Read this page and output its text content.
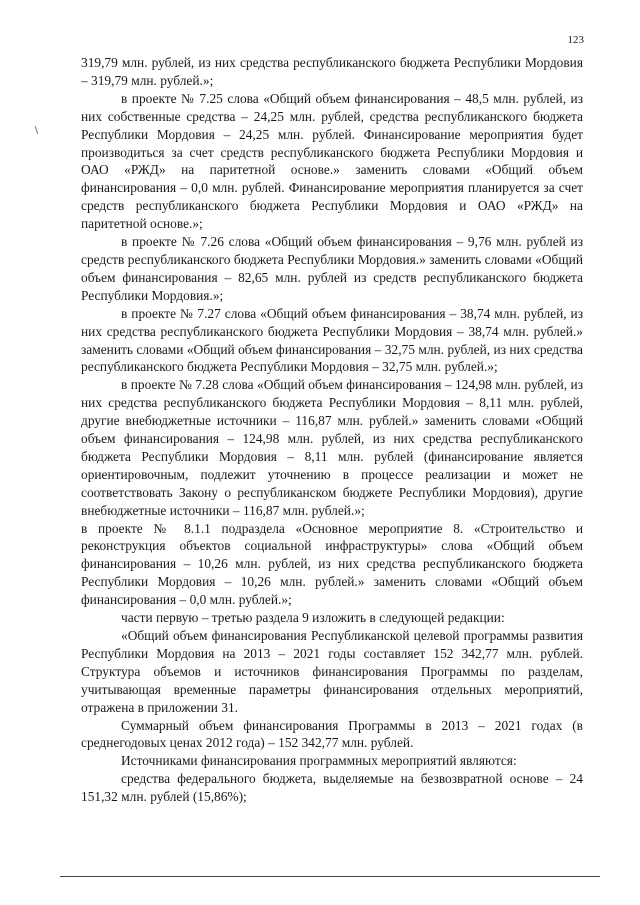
123

319,79 млн. рублей, из них средства республиканского бюджета Республики Мордовия – 319,79 млн. рублей.»;

в проекте № 7.25 слова «Общий объем финансирования – 48,5 млн. рублей, из них собственные средства – 24,25 млн. рублей, средства республиканского бюджета Республики Мордовия – 24,25 млн. рублей. Финансирование мероприятия будет производиться за счет средств республиканского бюджета Республики Мордовия и ОАО «РЖД» на паритетной основе.» заменить словами «Общий объем финансирования – 0,0 млн. рублей. Финансирование мероприятия планируется за счет средств республиканского бюджета Республики Мордовия и ОАО «РЖД» на паритетной основе.»;

в проекте № 7.26 слова «Общий объем финансирования – 9,76 млн. рублей из средств республиканского бюджета Республики Мордовия.» заменить словами «Общий объем финансирования – 82,65 млн. рублей из средств республиканского бюджета Республики Мордовия.»;

в проекте № 7.27 слова «Общий объем финансирования – 38,74 млн. рублей, из них средства республиканского бюджета Республики Мордовия – 38,74 млн. рублей.» заменить словами «Общий объем финансирования – 32,75 млн. рублей, из них средства республиканского бюджета Республики Мордовия – 32,75 млн. рублей.»;

в проекте № 7.28 слова «Общий объем финансирования – 124,98 млн. рублей, из них средства республиканского бюджета Республики Мордовия – 8,11 млн. рублей, другие внебюджетные источники – 116,87 млн. рублей.» заменить словами «Общий объем финансирования – 124,98 млн. рублей, из них средства республиканского бюджета Республики Мордовия – 8,11 млн. рублей (финансирование является ориентировочным, подлежит уточнению в процессе реализации и может не соответствовать Закону о республиканском бюджете Республики Мордовия), другие внебюджетные источники – 116,87 млн. рублей.»;

в проекте № 8.1.1 подраздела «Основное мероприятие 8. «Строительство и реконструкция объектов социальной инфраструктуры» слова «Общий объем финансирования – 10,26 млн. рублей, из них средства республиканского бюджета Республики Мордовия – 10,26 млн. рублей.» заменить словами «Общий объем финансирования – 0,0 млн. рублей.»;

части первую – третью раздела 9 изложить в следующей редакции:

«Общий объем финансирования Республиканской целевой программы развития Республики Мордовия на 2013 – 2021 годы составляет 152 342,77 млн. рублей. Структура объемов и источников финансирования Программы по разделам, учитывающая временные параметры финансирования отдельных мероприятий, отражена в приложении 31.

Суммарный объем финансирования Программы в 2013 – 2021 годах (в среднегодовых ценах 2012 года) – 152 342,77 млн. рублей.

Источниками финансирования программных мероприятий являются:

средства федерального бюджета, выделяемые на безвозвратной основе – 24 151,32 млн. рублей (15,86%);
